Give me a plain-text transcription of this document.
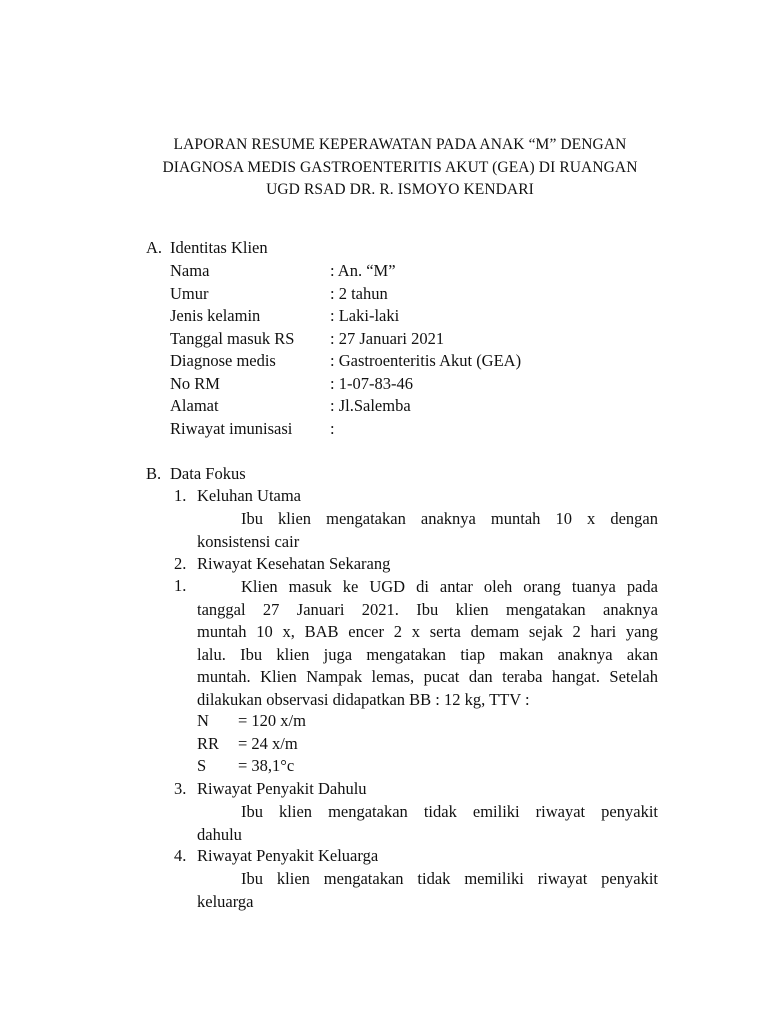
LAPORAN RESUME KEPERAWATAN PADA ANAK “M” DENGAN
DIAGNOSA MEDIS GASTROENTERITIS AKUT (GEA) DI RUANGAN
UGD RSAD DR. R. ISMOYO KENDARI
A. Identitas Klien
Nama	: An. “M”
Umur	: 2 tahun
Jenis kelamin	: Laki-laki
Tanggal masuk RS : 27 Januari 2021
Diagnose medis	: Gastroenteritis Akut (GEA)
No RM	: 1-07-83-46
Alamat	: Jl.Salemba
Riwayat imunisasi :
B. Data Fokus
1. Keluhan Utama
Ibu klien mengatakan anaknya muntah 10 x dengan
konsistensi cair
2. Riwayat Kesehatan Sekarang
1.	Klien masuk ke UGD di antar oleh orang tuanya pada
tanggal 27 Januari 2021. Ibu klien mengatakan anaknya
muntah 10 x, BAB encer 2 x serta demam sejak 2 hari yang
lalu. Ibu klien juga mengatakan tiap makan anaknya akan
muntah. Klien Nampak lemas, pucat dan teraba hangat. Setelah
dilakukan observasi didapatkan BB : 12 kg, TTV :
N = 120 x/m
RR = 24 x/m
S = 38,1°c
3. Riwayat Penyakit Dahulu
Ibu klien mengatakan tidak emiliki riwayat penyakit
dahulu
4. Riwayat Penyakit Keluarga
Ibu klien mengatakan tidak memiliki riwayat penyakit
keluarga
